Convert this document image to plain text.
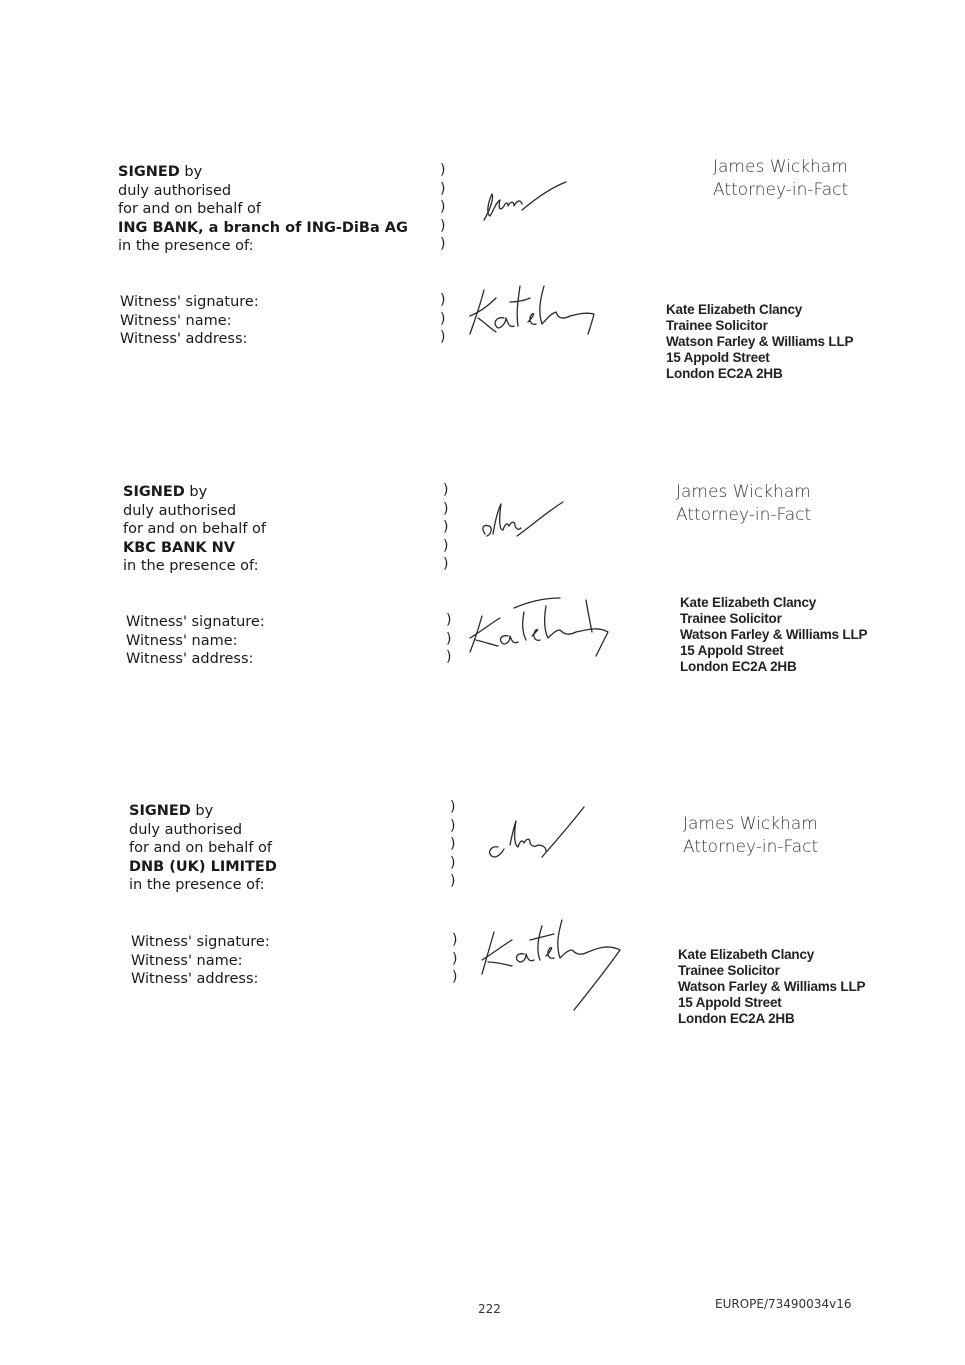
SIGNED by
duly authorised
for and on behalf of
ING BANK, a branch of ING-DiBa AG
in the presence of:
)
)
)
)
)
James Wickham
Attorney-in-Fact
Witness' signature:
Witness' name:
Witness' address:
)
)
)
Kate Elizabeth Clancy
Trainee Solicitor
Watson Farley & Williams LLP
15 Appold Street
London EC2A 2HB
SIGNED by
duly authorised
for and on behalf of
KBC BANK NV
in the presence of:
)
)
)
)
)
James Wickham
Attorney-in-Fact
Witness' signature:
Witness' name:
Witness' address:
)
)
)
Kate Elizabeth Clancy
Trainee Solicitor
Watson Farley & Williams LLP
15 Appold Street
London EC2A 2HB
SIGNED by
duly authorised
for and on behalf of
DNB (UK) LIMITED
in the presence of:
)
)
)
)
)
James Wickham
Attorney-in-Fact
Witness' signature:
Witness' name:
Witness' address:
)
)
)
Kate Elizabeth Clancy
Trainee Solicitor
Watson Farley & Williams LLP
15 Appold Street
London EC2A 2HB
222	EUROPE/73490034v16
